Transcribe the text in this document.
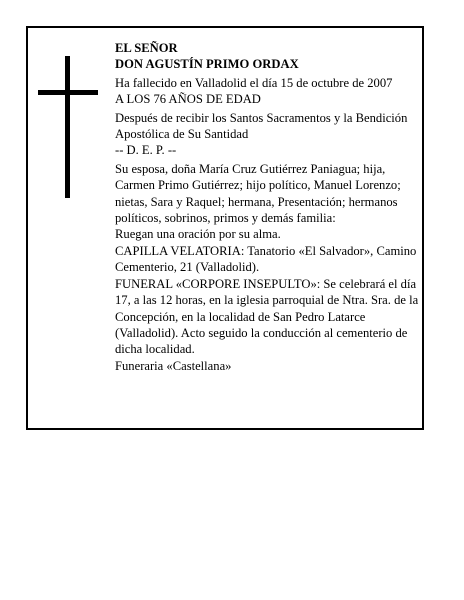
EL SEÑOR

DON AGUSTÍN PRIMO ORDAX

Ha fallecido en Valladolid el día 15 de octubre de 2007

A LOS 76 AÑOS DE EDAD

Después de recibir los Santos Sacramentos y la Bendición Apostólica de Su Santidad

-- D. E. P. --

Su esposa, doña María Cruz Gutiérrez Paniagua; hija, Carmen Primo Gutiérrez; hijo político, Manuel Lorenzo; nietas, Sara y Raquel; hermana, Presentación; hermanos políticos, sobrinos, primos y demás familia:

Ruegan una oración por su alma.

CAPILLA VELATORIA: Tanatorio «El Salvador», Camino Cementerio, 21 (Valladolid).

FUNERAL «CORPORE INSEPULTO»: Se celebrará el día 17, a las 12 horas, en la iglesia parroquial de Ntra. Sra. de la Concepción, en la localidad de San Pedro Latarce (Valladolid). Acto seguido la conducción al cementerio de dicha localidad.

Funeraria «Castellana»
